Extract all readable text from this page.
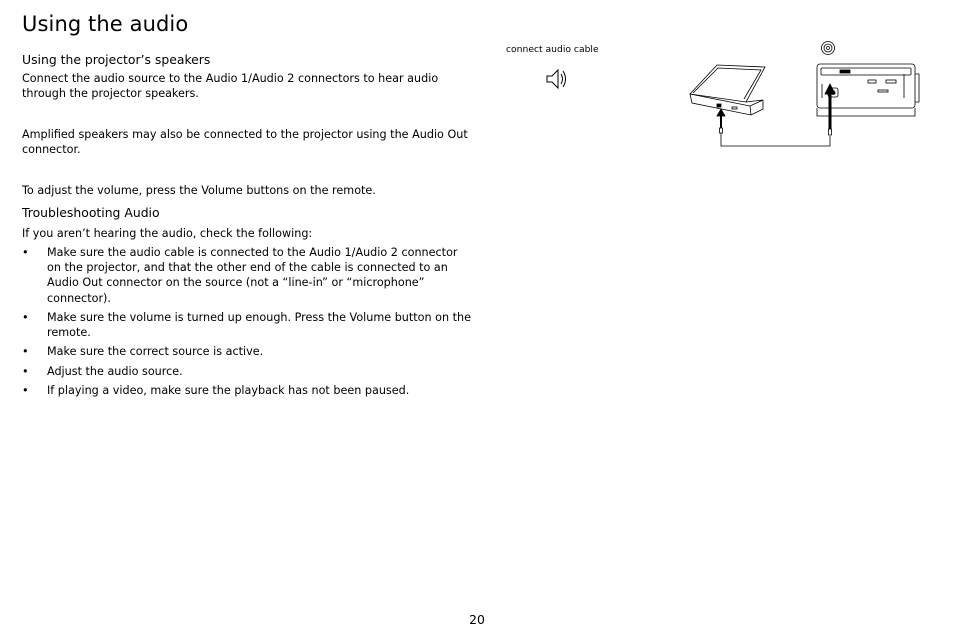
Using the audio
Using the projector’s speakers

Connect the audio source to the Audio 1/Audio 2 connectors to hear audio through the projector speakers.

Amplified speakers may also be connected to the projector using the Audio Out connector.

To adjust the volume, press the Volume buttons on the remote.

Troubleshooting Audio

If you aren’t hearing the audio, check the following:

• Make sure the audio cable is connected to the Audio 1/Audio 2 connector on the projector, and that the other end of the cable is connected to an Audio Out connector on the source (not a “line-in” or “microphone” connector).
• Make sure the volume is turned up enough. Press the Volume button on the remote.
• Make sure the correct source is active.
• Adjust the audio source.
• If playing a video, make sure the playback has not been paused.
connect audio cable
20
